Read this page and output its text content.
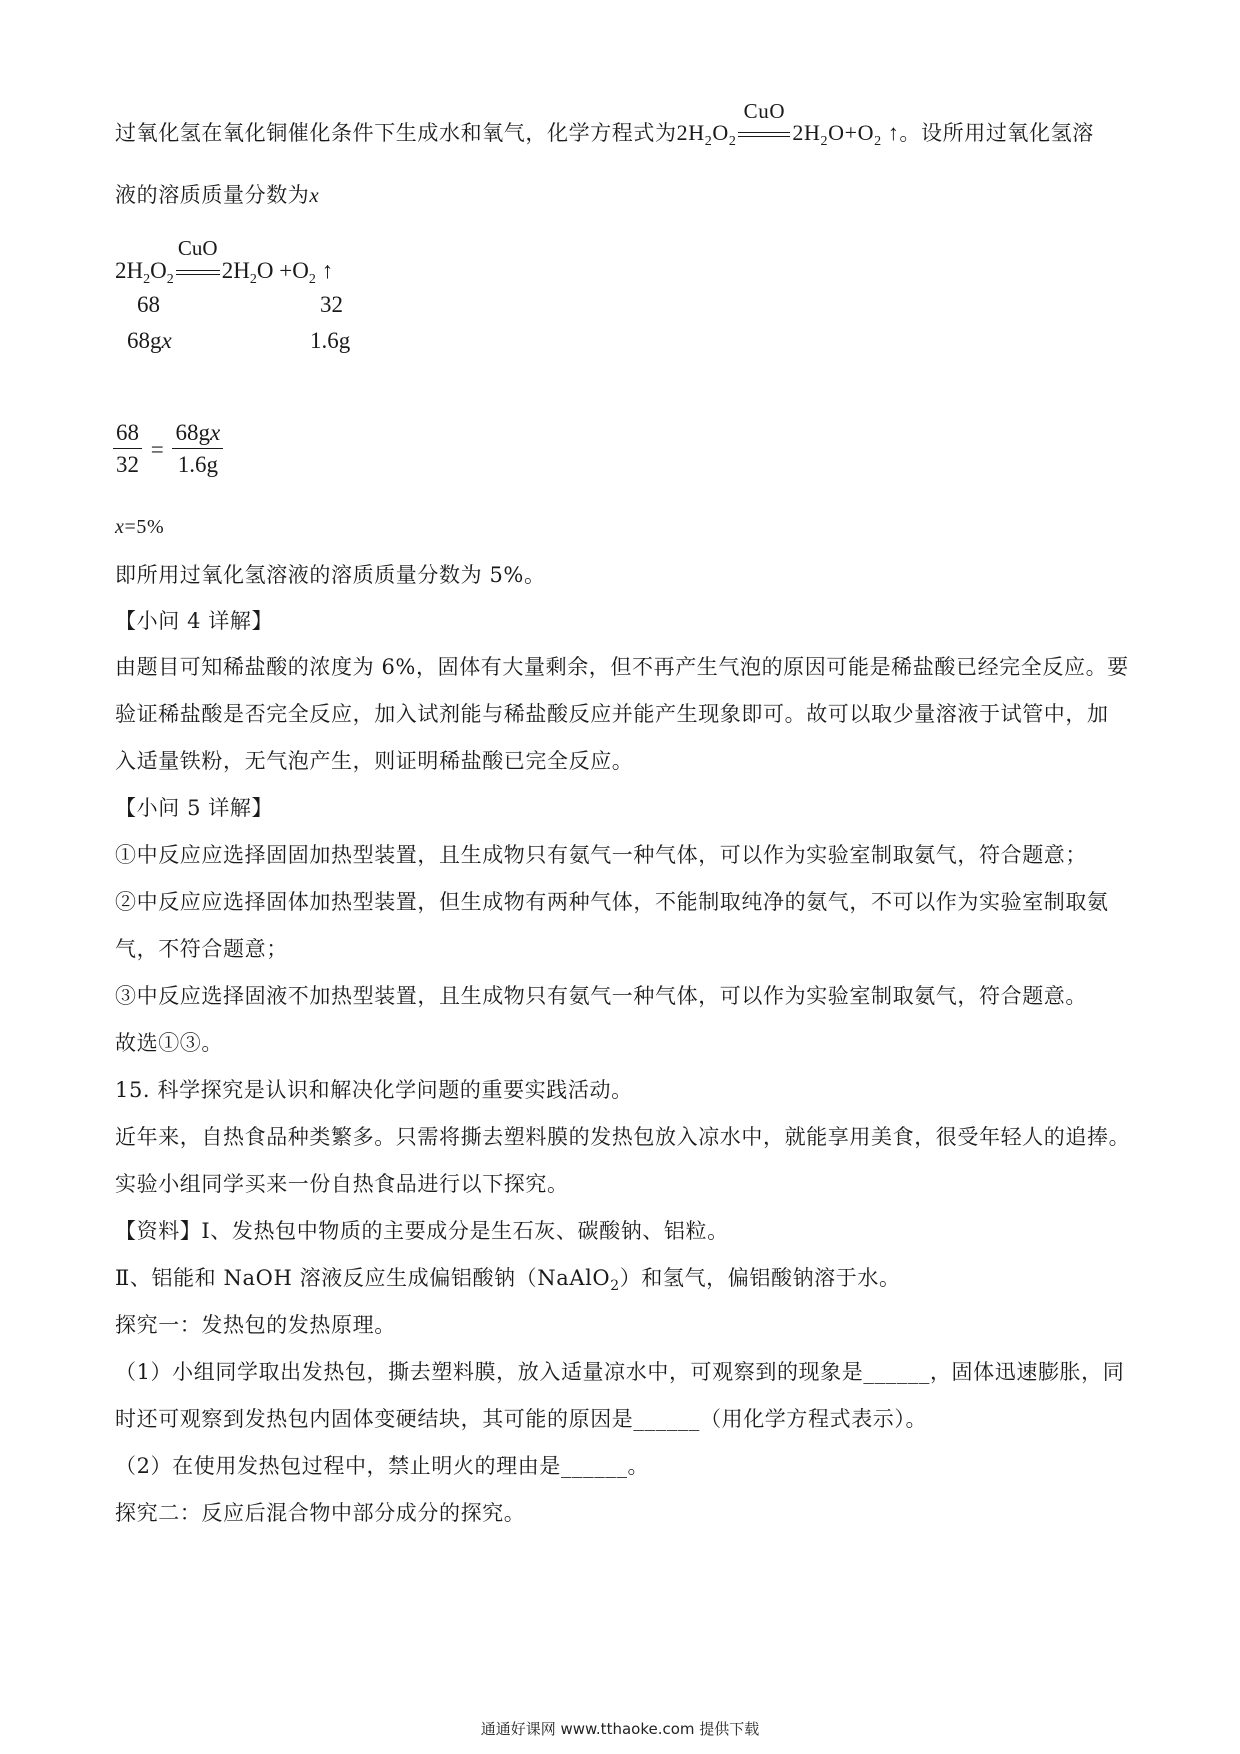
过氧化氢在氧化铜催化条件下生成水和氧气，化学方程式为$2H_2O_2$
CuO
$2H_2O+O_2$ ↑。设所用过氧化氢溶
液的溶质质量分数为x
$2H_2O_2$
CuO
$2H_2O +O_2$ ↑
68	32
68gx	1.6g
$\frac{68}{32} = \frac{68gx}{1.6g}$
x=5%
即所用过氧化氢溶液的溶质质量分数为 5%。
【小问 4 详解】
由题目可知稀盐酸的浓度为 6%，固体有大量剩余，但不再产生气泡的原因可能是稀盐酸已经完全反应。要
验证稀盐酸是否完全反应，加入试剂能与稀盐酸反应并能产生现象即可。故可以取少量溶液于试管中，加
入适量铁粉，无气泡产生，则证明稀盐酸已完全反应。
【小问 5 详解】
①中反应应选择固固加热型装置，且生成物只有氨气一种气体，可以作为实验室制取氨气，符合题意；
②中反应应选择固体加热型装置，但生成物有两种气体，不能制取纯净的氨气，不可以作为实验室制取氨
气，不符合题意；
③中反应选择固液不加热型装置，且生成物只有氨气一种气体，可以作为实验室制取氨气，符合题意。
故选①③。
15. 科学探究是认识和解决化学问题的重要实践活动。
近年来，自热食品种类繁多。只需将撕去塑料膜的发热包放入凉水中，就能享用美食，很受年轻人的追捧。
实验小组同学买来一份自热食品进行以下探究。
【资料】Ⅰ、发热包中物质的主要成分是生石灰、碳酸钠、铝粒。
Ⅱ、铝能和 NaOH 溶液反应生成偏铝酸钠（NaAlO$_2$）和氢气，偏铝酸钠溶于水。
探究一：发热包的发热原理。
（1）小组同学取出发热包，撕去塑料膜，放入适量凉水中，可观察到的现象是______，固体迅速膨胀，同
时还可观察到发热包内固体变硬结块，其可能的原因是______（用化学方程式表示）。
（2）在使用发热包过程中，禁止明火的理由是______。
探究二：反应后混合物中部分成分的探究。
通通好课网 www.tthaoke.com 提供下载
